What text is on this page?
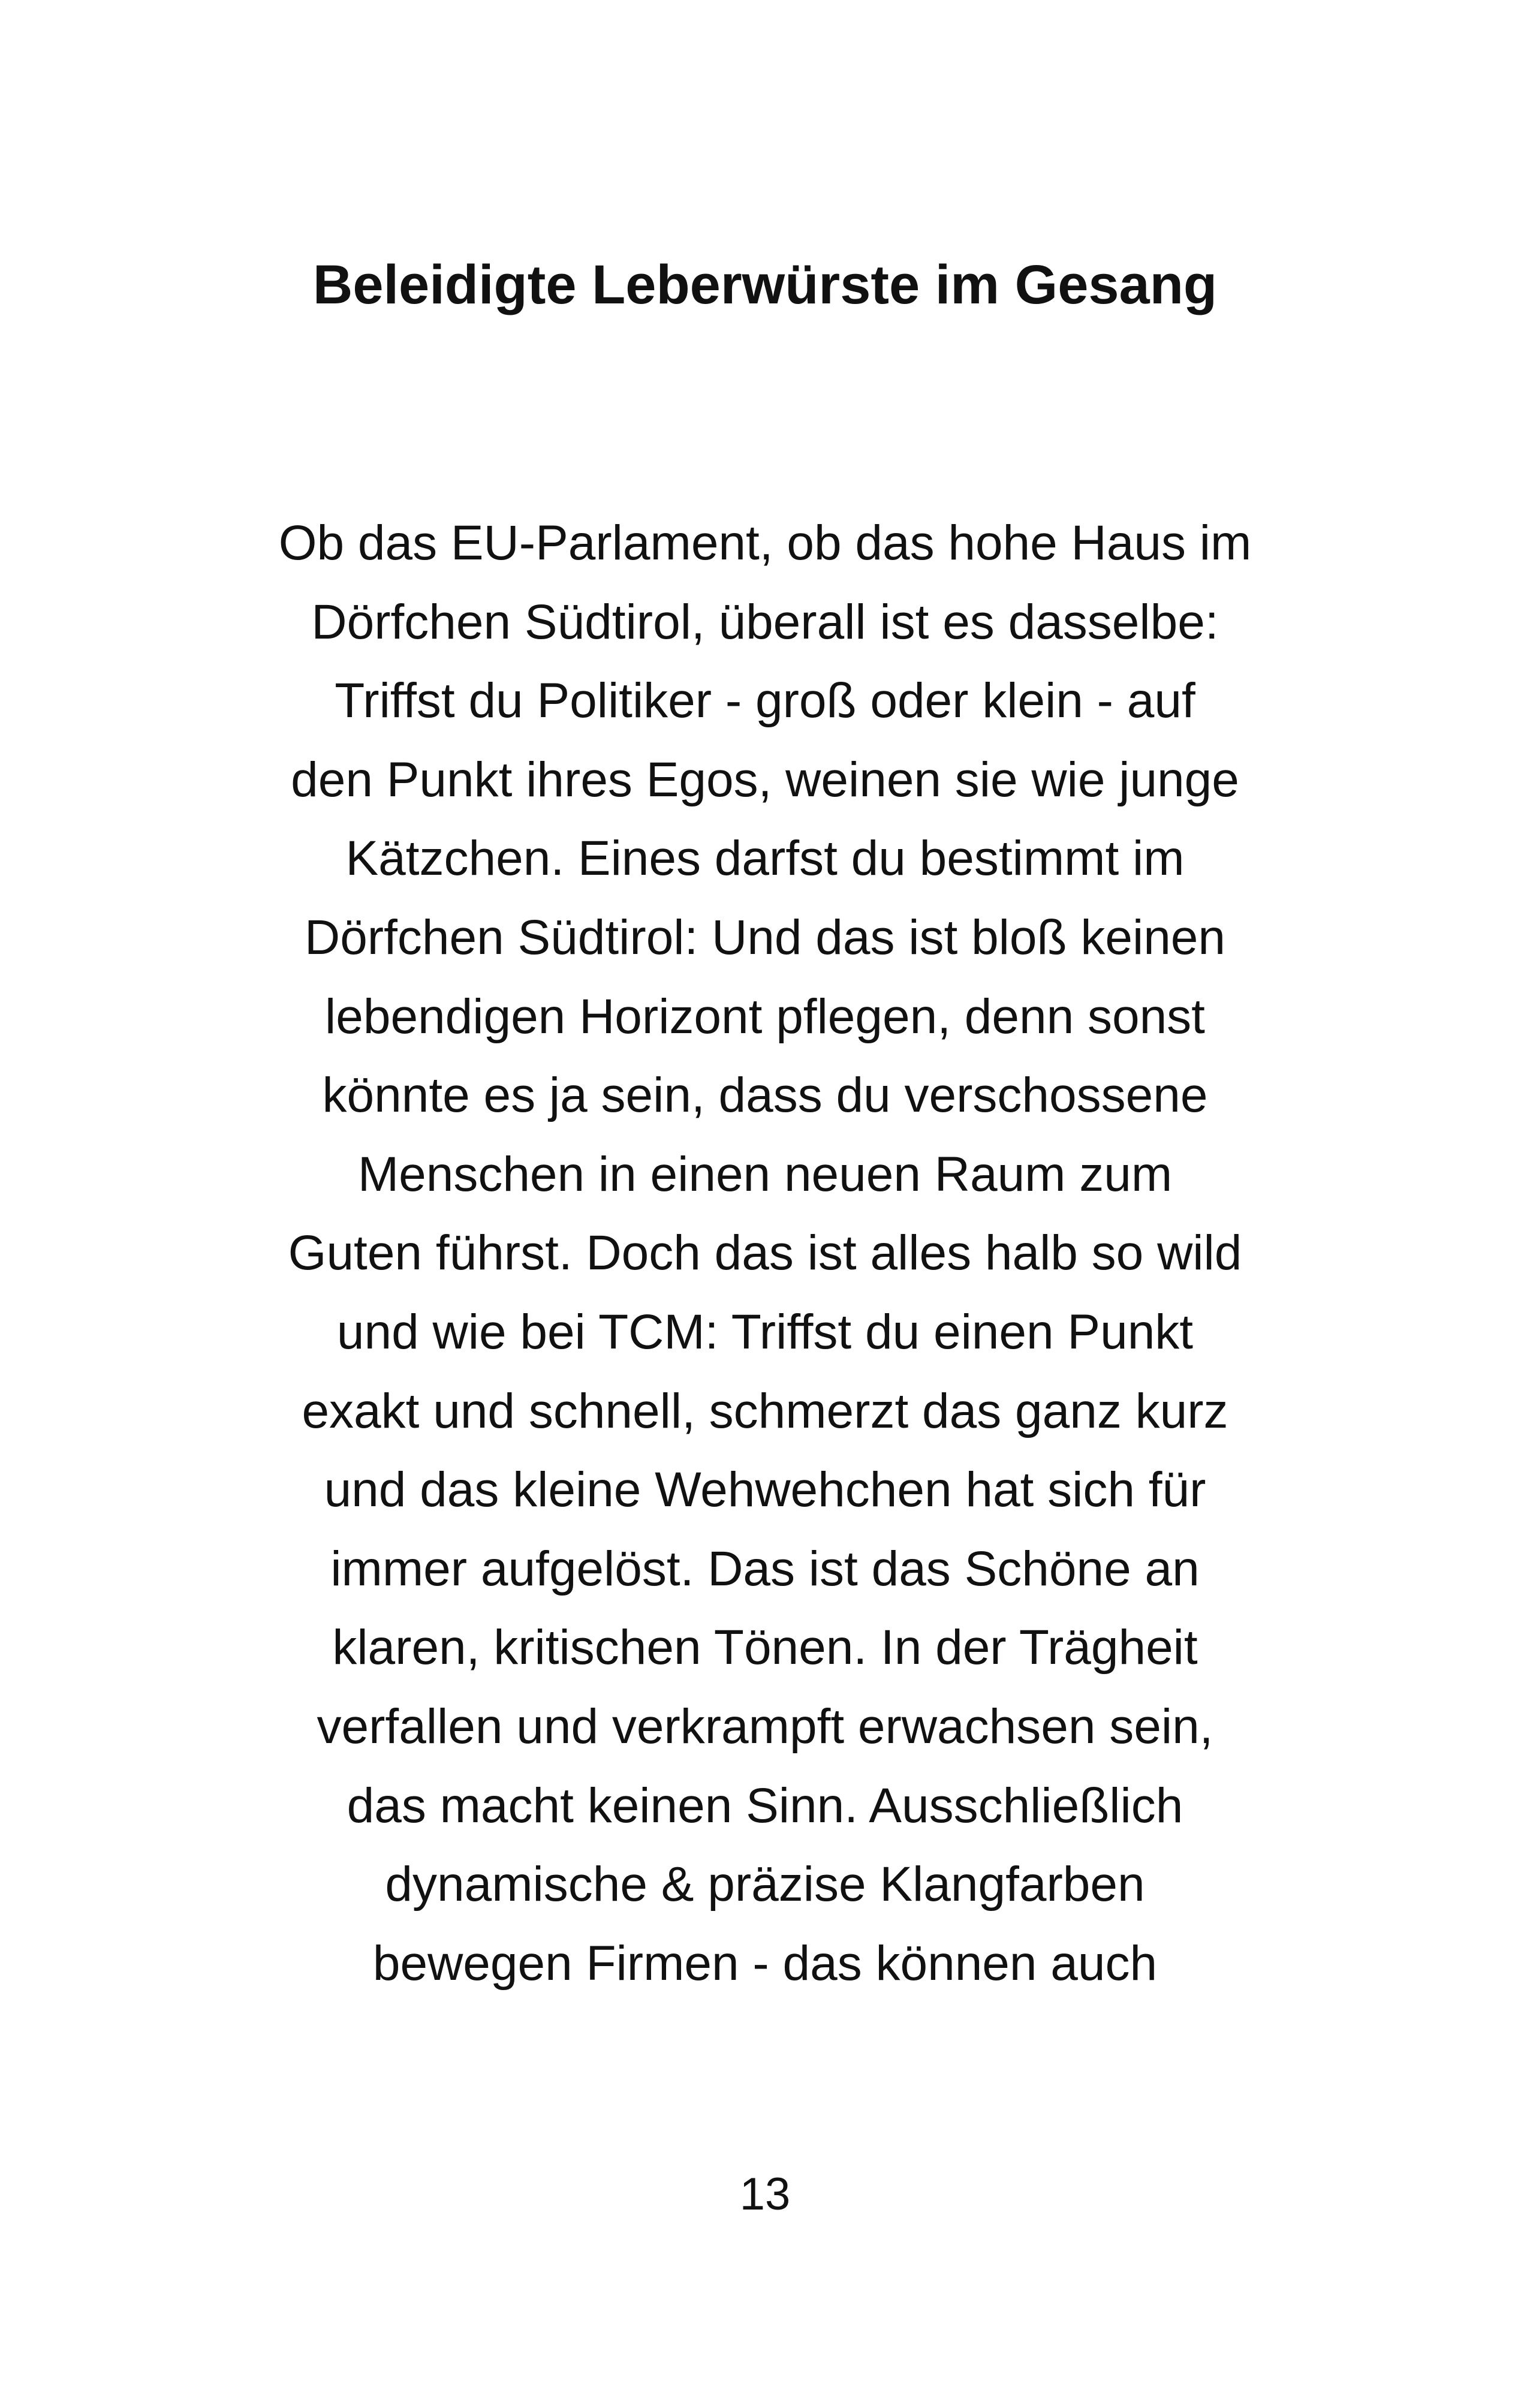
Beleidigte Leberwürste im Gesang
Ob das EU-Parlament, ob das hohe Haus im
Dörfchen Südtirol, überall ist es dasselbe:
Triffst du Politiker - groß oder klein - auf
den Punkt ihres Egos, weinen sie wie junge
Kätzchen. Eines darfst du bestimmt im
Dörfchen Südtirol: Und das ist bloß keinen
lebendigen Horizont pflegen, denn sonst
könnte es ja sein, dass du verschossene
Menschen in einen neuen Raum zum
Guten führst. Doch das ist alles halb so wild
und wie bei TCM: Triffst du einen Punkt
exakt und schnell, schmerzt das ganz kurz
und das kleine Wehwehchen hat sich für
immer aufgelöst. Das ist das Schöne an
klaren, kritischen Tönen. In der Trägheit
verfallen und verkrampft erwachsen sein,
das macht keinen Sinn. Ausschließlich
dynamische & präzise Klangfarben
bewegen Firmen - das können auch
13
